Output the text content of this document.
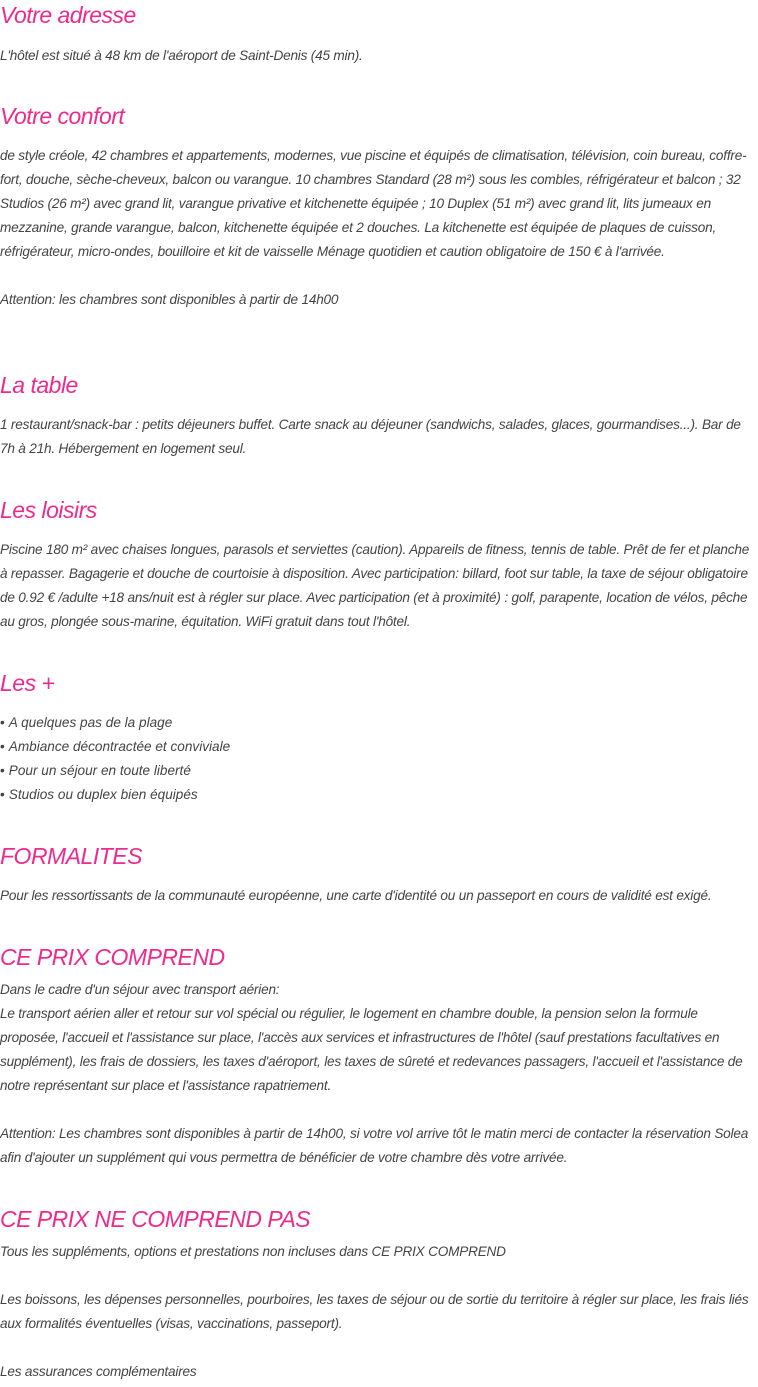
Votre adresse

L'hôtel est situé à 48 km de l'aéroport de Saint-Denis (45 min).

Votre confort

de style créole, 42 chambres et appartements, modernes, vue piscine et équipés de climatisation, télévision, coin bureau, coffre-fort, douche, sèche-cheveux, balcon ou varangue. 10 chambres Standard (28 m²) sous les combles, réfrigérateur et balcon ; 32 Studios (26 m²) avec grand lit, varangue privative et kitchenette équipée ; 10 Duplex (51 m²) avec grand lit, lits jumeaux en mezzanine, grande varangue, balcon, kitchenette équipée et 2 douches. La kitchenette est équipée de plaques de cuisson, réfrigérateur, micro-ondes, bouilloire et kit de vaisselle Ménage quotidien et caution obligatoire de 150 € à l'arrivée.

Attention: les chambres sont disponibles à partir de 14h00

La table

1 restaurant/snack-bar : petits déjeuners buffet. Carte snack au déjeuner (sandwichs, salades, glaces, gourmandises...). Bar de 7h à 21h. Hébergement en logement seul.

Les loisirs

Piscine 180 m² avec chaises longues, parasols et serviettes (caution). Appareils de fitness, tennis de table. Prêt de fer et planche à repasser. Bagagerie et douche de courtoisie à disposition. Avec participation: billard, foot sur table, la taxe de séjour obligatoire de 0.92 € /adulte +18 ans/nuit est à régler sur place. Avec participation (et à proximité) : golf, parapente, location de vélos, pêche au gros, plongée sous-marine, équitation. WiFi gratuit dans tout l'hôtel.

Les +
• A quelques pas de la plage
• Ambiance décontractée et conviviale
• Pour un séjour en toute liberté
• Studios ou duplex bien équipés
FORMALITES

Pour les ressortissants de la communauté européenne, une carte d'identité ou un passeport en cours de validité est exigé.

CE PRIX COMPREND

Dans le cadre d'un séjour avec transport aérien:

Le transport aérien aller et retour sur vol spécial ou régulier, le logement en chambre double, la pension selon la formule proposée, l'accueil et l'assistance sur place, l'accès aux services et infrastructures de l'hôtel (sauf prestations facultatives en supplément), les frais de dossiers, les taxes d'aéroport, les taxes de sûreté et redevances passagers, l'accueil et l'assistance de notre représentant sur place et l'assistance rapatriement.

Attention: Les chambres sont disponibles à partir de 14h00, si votre vol arrive tôt le matin merci de contacter la réservation Solea afin d'ajouter un supplément qui vous permettra de bénéficier de votre chambre dès votre arrivée.

CE PRIX NE COMPREND PAS

Tous les suppléments, options et prestations non incluses dans CE PRIX COMPREND

Les boissons, les dépenses personnelles, pourboires, les taxes de séjour ou de sortie du territoire à régler sur place, les frais liés aux formalités éventuelles (visas, vaccinations, passeport).

Les assurances complémentaires
